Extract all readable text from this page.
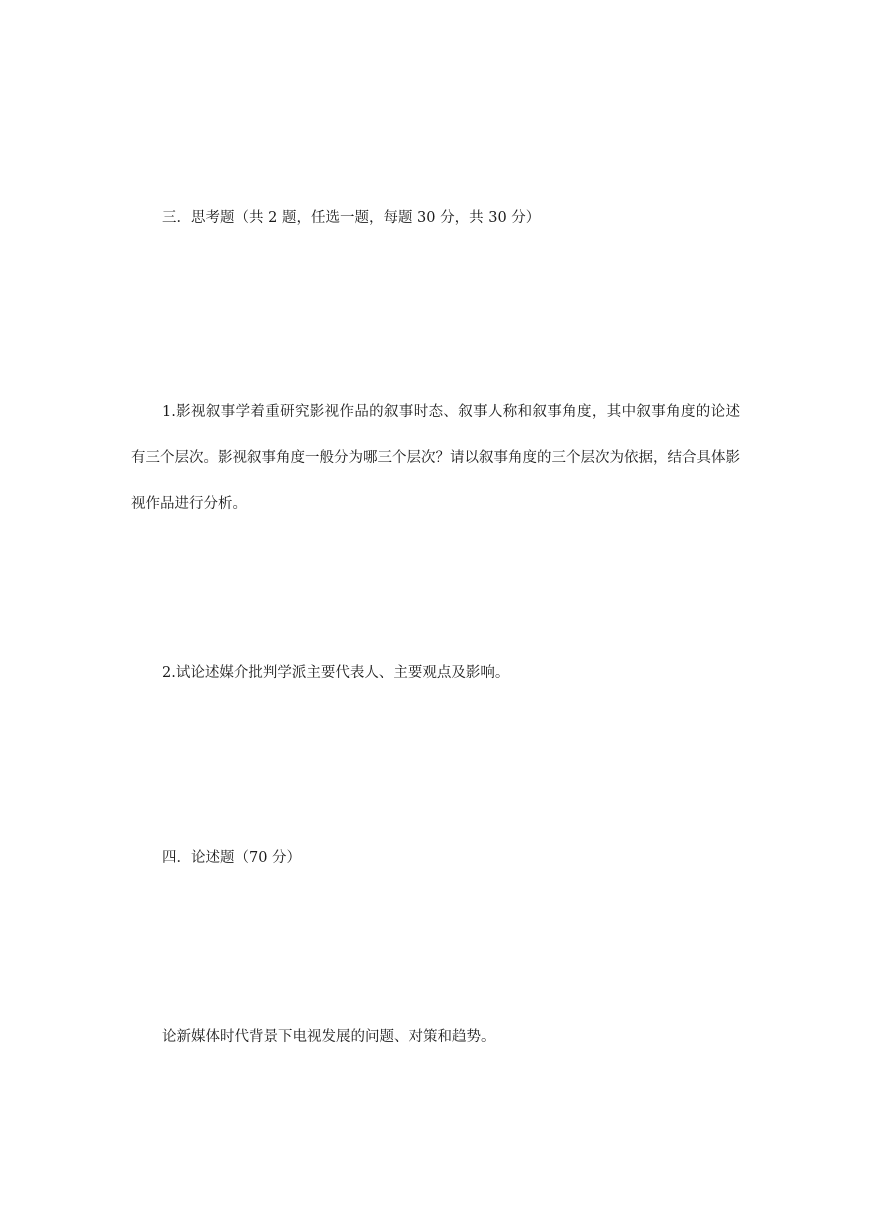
三．思考题（共 2 题，任选一题，每题 30 分，共 30 分）
1.影视叙事学着重研究影视作品的叙事时态、叙事人称和叙事角度，其中叙事角度的论述有三个层次。影视叙事角度一般分为哪三个层次？请以叙事角度的三个层次为依据，结合具体影视作品进行分析。
2.试论述媒介批判学派主要代表人、主要观点及影响。
四．论述题（70 分）
论新媒体时代背景下电视发展的问题、对策和趋势。
